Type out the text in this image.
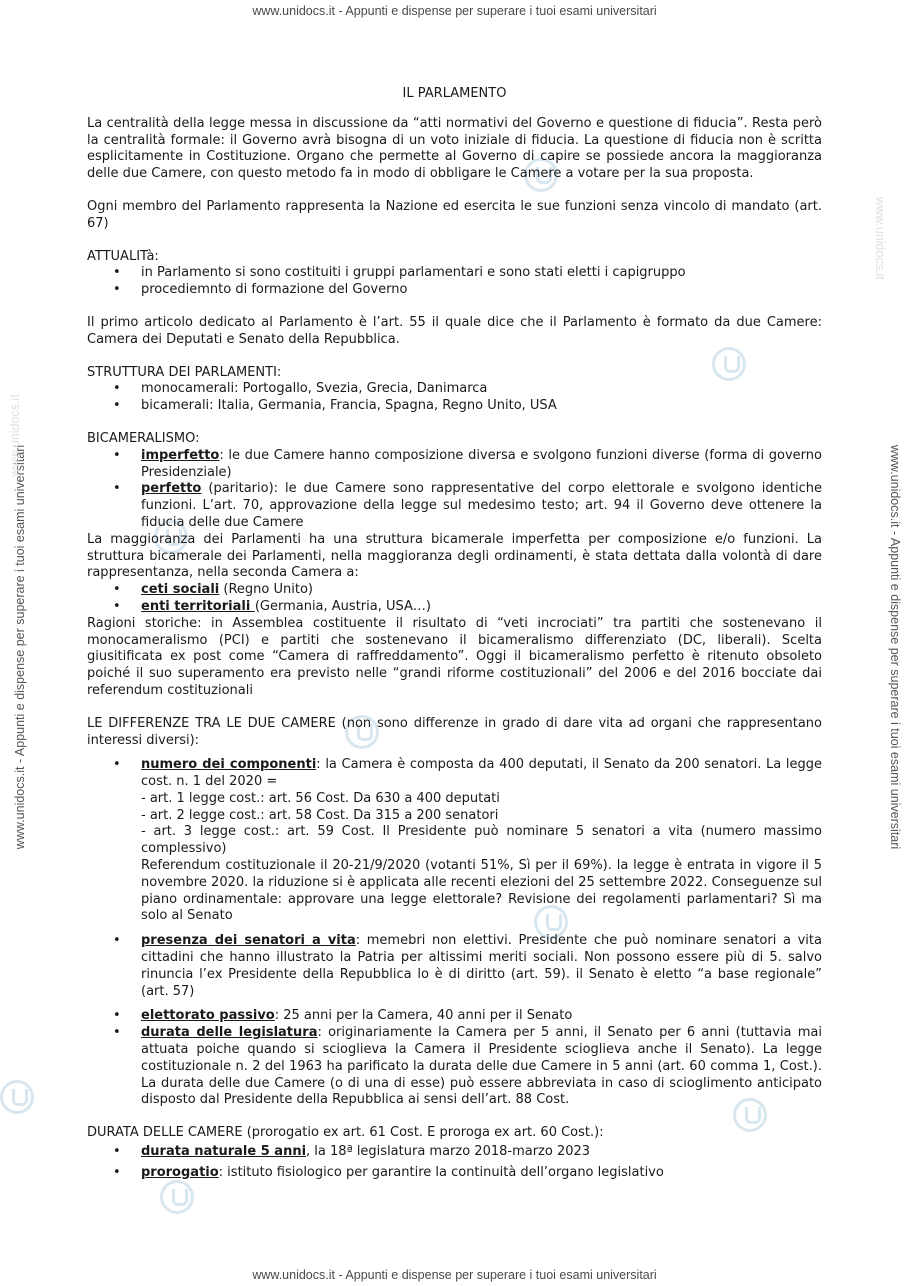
www.unidocs.it - Appunti e dispense per superare i tuoi esami universitari
www.unidocs.it - Appunti e dispense per superare i tuoi esami universitari
www.unidocs.it - Appunti e dispense per superare i tuoi esami universitari	www.unidocs.it - Appunti e dispense per superare i tuoi esami universitari
www.unidocs.it
www.unidocs.it
IL PARLAMENTO

La centralità della legge messa in discussione da “atti normativi del Governo e questione di fiducia”. Resta però la centralità formale: il Governo avrà bisogna di un voto iniziale di fiducia. La questione di fiducia non è scritta esplicitamente in Costituzione. Organo che permette al Governo di capire se possiede ancora la maggioranza delle due Camere, con questo metodo fa in modo di obbligare le Camere a votare per la sua proposta.

Ogni membro del Parlamento rappresenta la Nazione ed esercita le sue funzioni senza vincolo di mandato (art. 67)

ATTUALITà:

• in Parlamento si sono costituiti i gruppi parlamentari e sono stati eletti i capigruppo
• procediemnto di formazione del Governo

Il primo articolo dedicato al Parlamento è l’art. 55 il quale dice che il Parlamento è formato da due Camere: Camera dei Deputati e Senato della Repubblica.

STRUTTURA DEI PARLAMENTI:

• monocamerali: Portogallo, Svezia, Grecia, Danimarca
• bicamerali: Italia, Germania, Francia, Spagna, Regno Unito, USA

BICAMERALISMO:

• imperfetto: le due Camere hanno composizione diversa e svolgono funzioni diverse (forma di governo Presidenziale)
• perfetto (paritario): le due Camere sono rappresentative del corpo elettorale e svolgono identiche funzioni. L’art. 70, approvazione della legge sul medesimo testo; art. 94 il Governo deve ottenere la fiducia delle due Camere

La maggioranza dei Parlamenti ha una struttura bicamerale imperfetta per composizione e/o funzioni. La struttura bicamerale dei Parlamenti, nella maggioranza degli ordinamenti, è stata dettata dalla volontà di dare rappresentanza, nella seconda Camera a:

• ceti sociali (Regno Unito)
• enti territoriali (Germania, Austria, USA…)

Ragioni storiche: in Assemblea costituente il risultato di “veti incrociati” tra partiti che sostenevano il monocameralismo (PCI) e partiti che sostenevano il bicameralismo differenziato (DC, liberali). Scelta giusitificata ex post come “Camera di raffreddamento”. Oggi il bicameralismo perfetto è ritenuto obsoleto poiché il suo superamento era previsto nelle “grandi riforme costituzionali” del 2006 e del 2016 bocciate dai referendum costituzionali

LE DIFFERENZE TRA LE DUE CAMERE (non sono differenze in grado di dare vita ad organi che rappresentano interessi diversi):

• numero dei componenti: la Camera è composta da 400 deputati, il Senato da 200 senatori. La legge cost. n. 1 del 2020 =
- art. 1 legge cost.: art. 56 Cost. Da 630 a 400 deputati
- art. 2 legge cost.: art. 58 Cost. Da 315 a 200 senatori
- art. 3 legge cost.: art. 59 Cost. Il Presidente può nominare 5 senatori a vita (numero massimo complessivo)
Referendum costituzionale il 20-21/9/2020 (votanti 51%, Sì per il 69%). la legge è entrata in vigore il 5 novembre 2020. la riduzione si è applicata alle recenti elezioni del 25 settembre 2022. Conseguenze sul piano ordinamentale: approvare una legge elettorale? Revisione dei regolamenti parlamentari? Sì ma solo al Senato
• presenza dei senatori a vita: memebri non elettivi. Presidente che può nominare senatori a vita cittadini che hanno illustrato la Patria per altissimi meriti sociali. Non possono essere più di 5. salvo rinuncia l’ex Presidente della Repubblica lo è di diritto (art. 59). il Senato è eletto “a base regionale” (art. 57)
• elettorato passivo: 25 anni per la Camera, 40 anni per il Senato
• durata delle legislatura: originariamente la Camera per 5 anni, il Senato per 6 anni (tuttavia mai attuata poiche quando si scioglieva la Camera il Presidente scioglieva anche il Senato). La legge costituzionale n. 2 del 1963 ha parificato la durata delle due Camere in 5 anni (art. 60 comma 1, Cost.). La durata delle due Camere (o di una di esse) può essere abbreviata in caso di scioglimento anticipato disposto dal Presidente della Repubblica ai sensi dell’art. 88 Cost.

DURATA DELLE CAMERE (prorogatio ex art. 61 Cost. E proroga ex art. 60 Cost.):

• durata naturale 5 anni, la 18ª legislatura marzo 2018-marzo 2023
• prorogatio: istituto fisiologico per garantire la continuità dell’organo legislativo
